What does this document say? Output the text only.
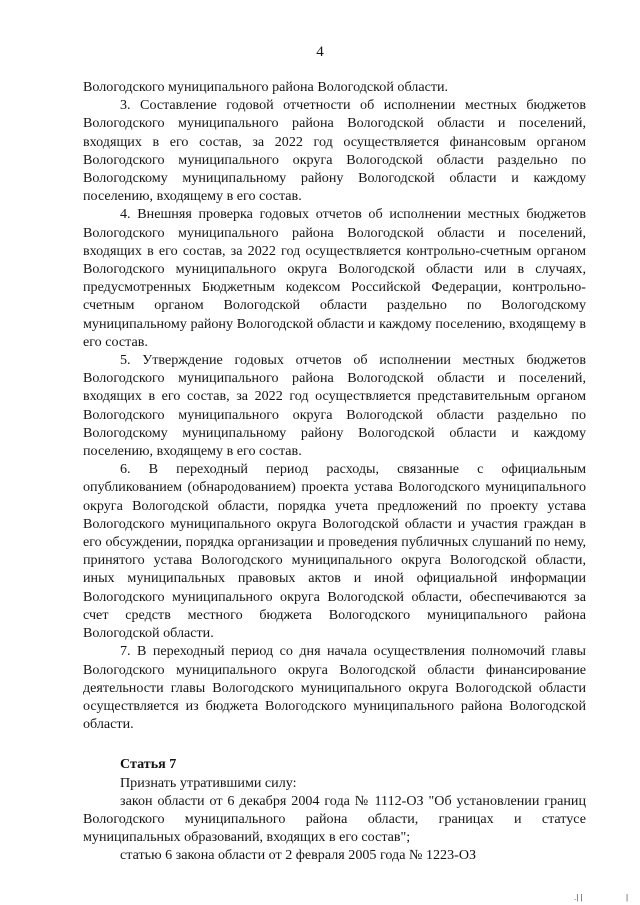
4

Вологодского муниципального района Вологодской области.

3. Составление годовой отчетности об исполнении местных бюджетов Вологодского муниципального района Вологодской области и поселений, входящих в его состав, за 2022 год осуществляется финансовым органом Вологодского муниципального округа Вологодской области раздельно по Вологодскому муниципальному району Вологодской области и каждому поселению, входящему в его состав.

4. Внешняя проверка годовых отчетов об исполнении местных бюджетов Вологодского муниципального района Вологодской области и поселений, входящих в его состав, за 2022 год осуществляется контрольно-счетным органом Вологодского муниципального округа Вологодской области или в случаях, предусмотренных Бюджетным кодексом Российской Федерации, контрольно-счетным органом Вологодской области раздельно по Вологодскому муниципальному району Вологодской области и каждому поселению, входящему в его состав.

5. Утверждение годовых отчетов об исполнении местных бюджетов Вологодского муниципального района Вологодской области и поселений, входящих в его состав, за 2022 год осуществляется представительным органом Вологодского муниципального округа Вологодской области раздельно по Вологодскому муниципальному району Вологодской области и каждому поселению, входящему в его состав.

6. В переходный период расходы, связанные с официальным опубликованием (обнародованием) проекта устава Вологодского муниципального округа Вологодской области, порядка учета предложений по проекту устава Вологодского муниципального округа Вологодской области и участия граждан в его обсуждении, порядка организации и проведения публичных слушаний по нему, принятого устава Вологодского муниципального округа Вологодской области, иных муниципальных правовых актов и иной официальной информации Вологодского муниципального округа Вологодской области, обеспечиваются за счет средств местного бюджета Вологодского муниципального района Вологодской области.

7. В переходный период со дня начала осуществления полномочий главы Вологодского муниципального округа Вологодской области финансирование деятельности главы Вологодского муниципального округа Вологодской области осуществляется из бюджета Вологодского муниципального района Вологодской области.

Статья 7

Признать утратившими силу:

закон области от 6 декабря 2004 года № 1112-ОЗ "Об установлении границ Вологодского муниципального района области, границах и статусе муниципальных образований, входящих в его состав";

статью 6 закона области от 2 февраля 2005 года № 1223-ОЗ

.| |	|
